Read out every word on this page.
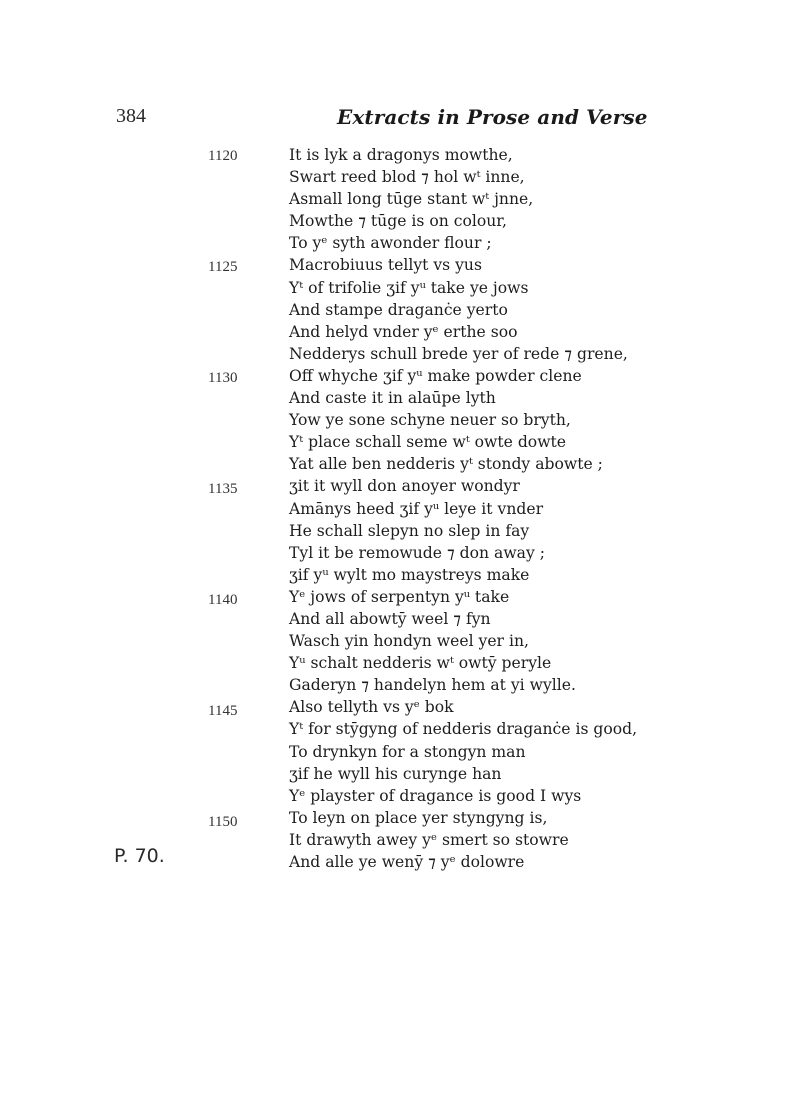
384	Extracts in Prose and Verse
1120
1125
1130
1135
1140
1145
1150
P. 70.
It is lyk a dragonys mowthe,
Swart reed blod ⁊ hol wᵗ inne,
Asmall long tūge stant wᵗ jnne,
Mowthe ⁊ tūge is on colour,
To yᵉ syth awonder flour ;
Macrobiuus tellyt vs yus
Yᵗ of trifolie ʒif yᵘ take ye jows
And stampe draganċe yerto
And helyd vnder yᵉ erthe soo
Nedderys schull brede yer of rede ⁊ grene,
Off whyche ʒif yᵘ make powder clene
And caste it in alaūpe lyth
Yow ye sone schyne neuer so bryth,
Yᵗ place schall seme wᵗ owte dowte
Yat alle ben nedderis yᵗ stondy abowte ;
ʒit it wyll don anoyer wondyr
Amānys heed ʒif yᵘ leye it vnder
He schall slepyn no slep in fay
Tyl it be remowude ⁊ don away ;
ʒif yᵘ wylt mo maystreys make
Yᵉ jows of serpentyn yᵘ take
And all abowtȳ weel ⁊ fyn
Wasch yin hondyn weel yer in,
Yᵘ schalt nedderis wᵗ owtȳ peryle
Gaderyn ⁊ handelyn hem at yi wylle.
Also tellyth vs yᵉ bok
Yᵗ for stȳgyng of nedderis draganċe is good,
To drynkyn for a stongyn man
ʒif he wyll his curynge han
Yᵉ playster of dragance is good I wys
To leyn on place yer styngyng is,
It drawyth awey yᵉ smert so stowre
And alle ye wenȳ ⁊ yᵉ dolowre
